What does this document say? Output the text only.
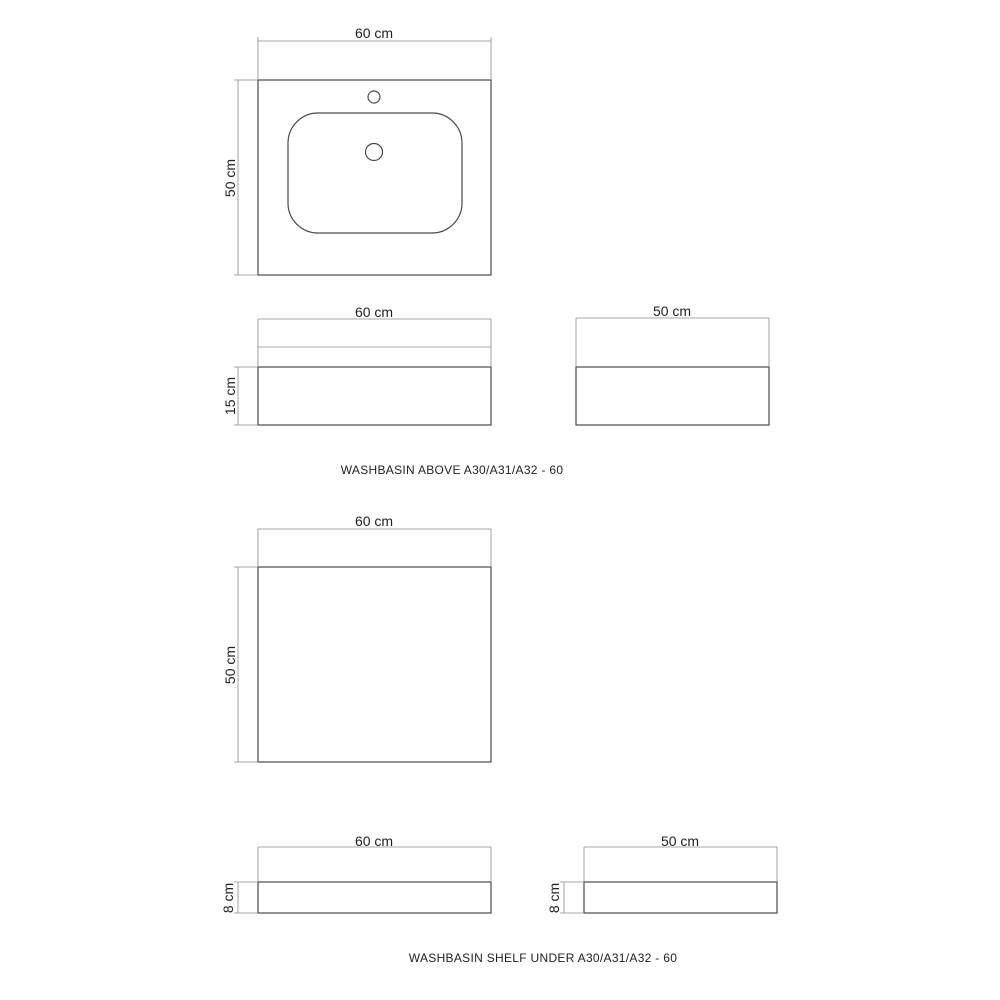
60 cm
50 cm
60 cm
15 cm
50 cm
WASHBASIN ABOVE A30/A31/A32 - 60
60 cm
50 cm
60 cm
8 cm
50 cm
8 cm
WASHBASIN SHELF UNDER A30/A31/A32 - 60
